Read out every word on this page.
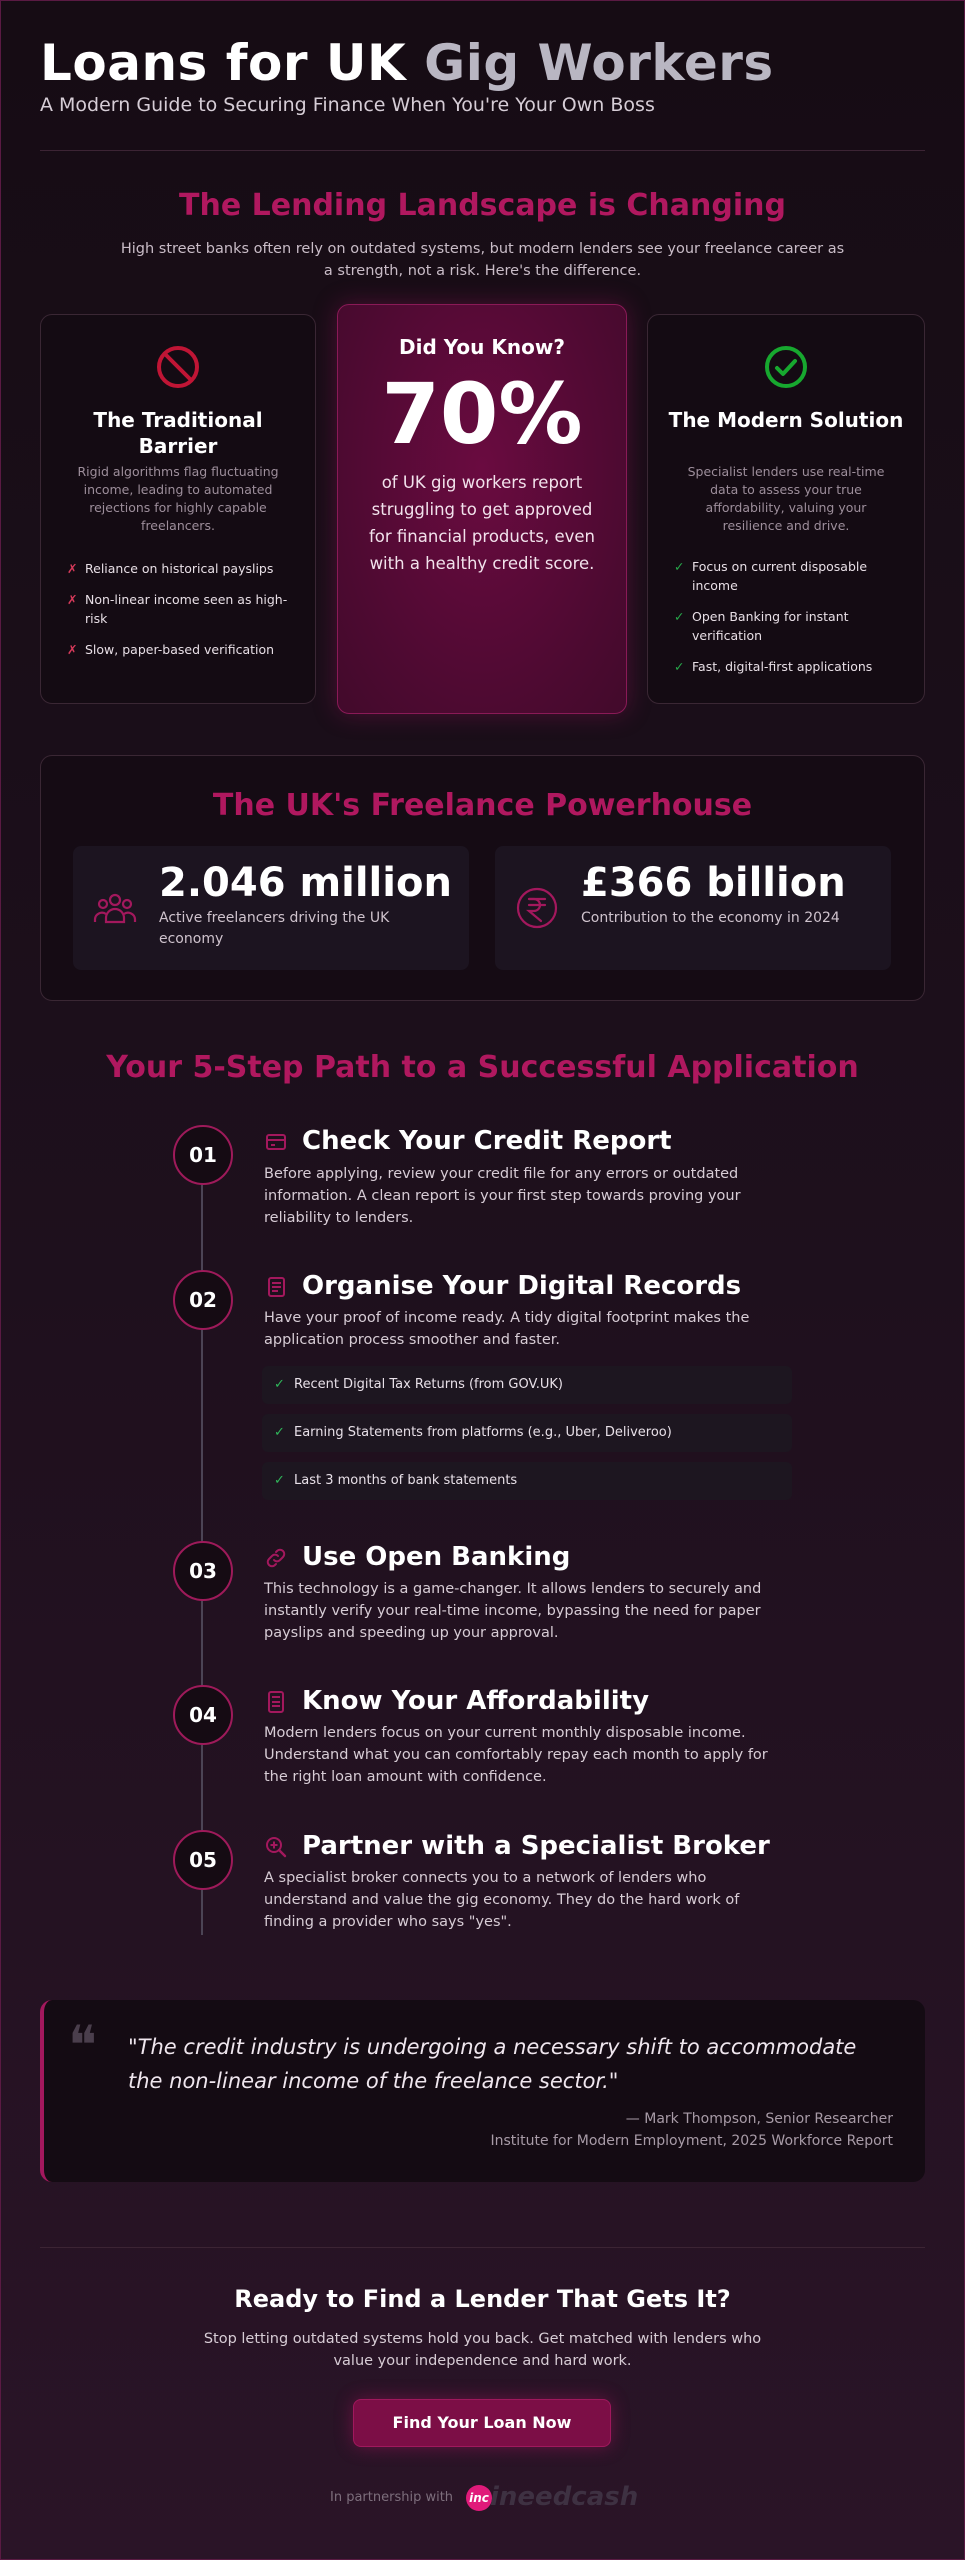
Loans for UK Gig Workers
A Modern Guide to Securing Finance When You're Your Own Boss
The Lending Landscape is Changing
High street banks often rely on outdated systems, but modern lenders see your freelance career as a strength, not a risk. Here's the difference.
The Traditional Barrier
Rigid algorithms flag fluctuating income, leading to automated rejections for highly capable freelancers.
✗ Reliance on historical payslips
✗ Non-linear income seen as high-risk
✗ Slow, paper-based verification
Did You Know?
70%
of UK gig workers report struggling to get approved for financial products, even with a healthy credit score.
The Modern Solution
Specialist lenders use real-time data to assess your true affordability, valuing your resilience and drive.
✓ Focus on current disposable income
✓ Open Banking for instant verification
✓ Fast, digital-first applications
The UK's Freelance Powerhouse
2.046 million
Active freelancers driving the UK economy
£366 billion
Contribution to the economy in 2024
Your 5-Step Path to a Successful Application
01	Check Your Credit Report
Before applying, review your credit file for any errors or outdated information. A clean report is your first step towards proving your reliability to lenders.
02	Organise Your Digital Records
Have your proof of income ready. A tidy digital footprint makes the application process smoother and faster.
✓ Recent Digital Tax Returns (from GOV.UK)
✓ Earning Statements from platforms (e.g., Uber, Deliveroo)
✓ Last 3 months of bank statements
03	Use Open Banking
This technology is a game-changer. It allows lenders to securely and instantly verify your real-time income, bypassing the need for paper payslips and speeding up your approval.
04	Know Your Affordability
Modern lenders focus on your current monthly disposable income. Understand what you can comfortably repay each month to apply for the right loan amount with confidence.
05	Partner with a Specialist Broker
A specialist broker connects you to a network of lenders who understand and value the gig economy. They do the hard work of finding a provider who says "yes".
❝ "The credit industry is undergoing a necessary shift to accommodate the non-linear income of the freelance sector."
— Mark Thompson, Senior Researcher
Institute for Modern Employment, 2025 Workforce Report
Ready to Find a Lender That Gets It?
Stop letting outdated systems hold you back. Get matched with lenders who value your independence and hard work.
Find Your Loan Now
In partnership with inc ineedcash
